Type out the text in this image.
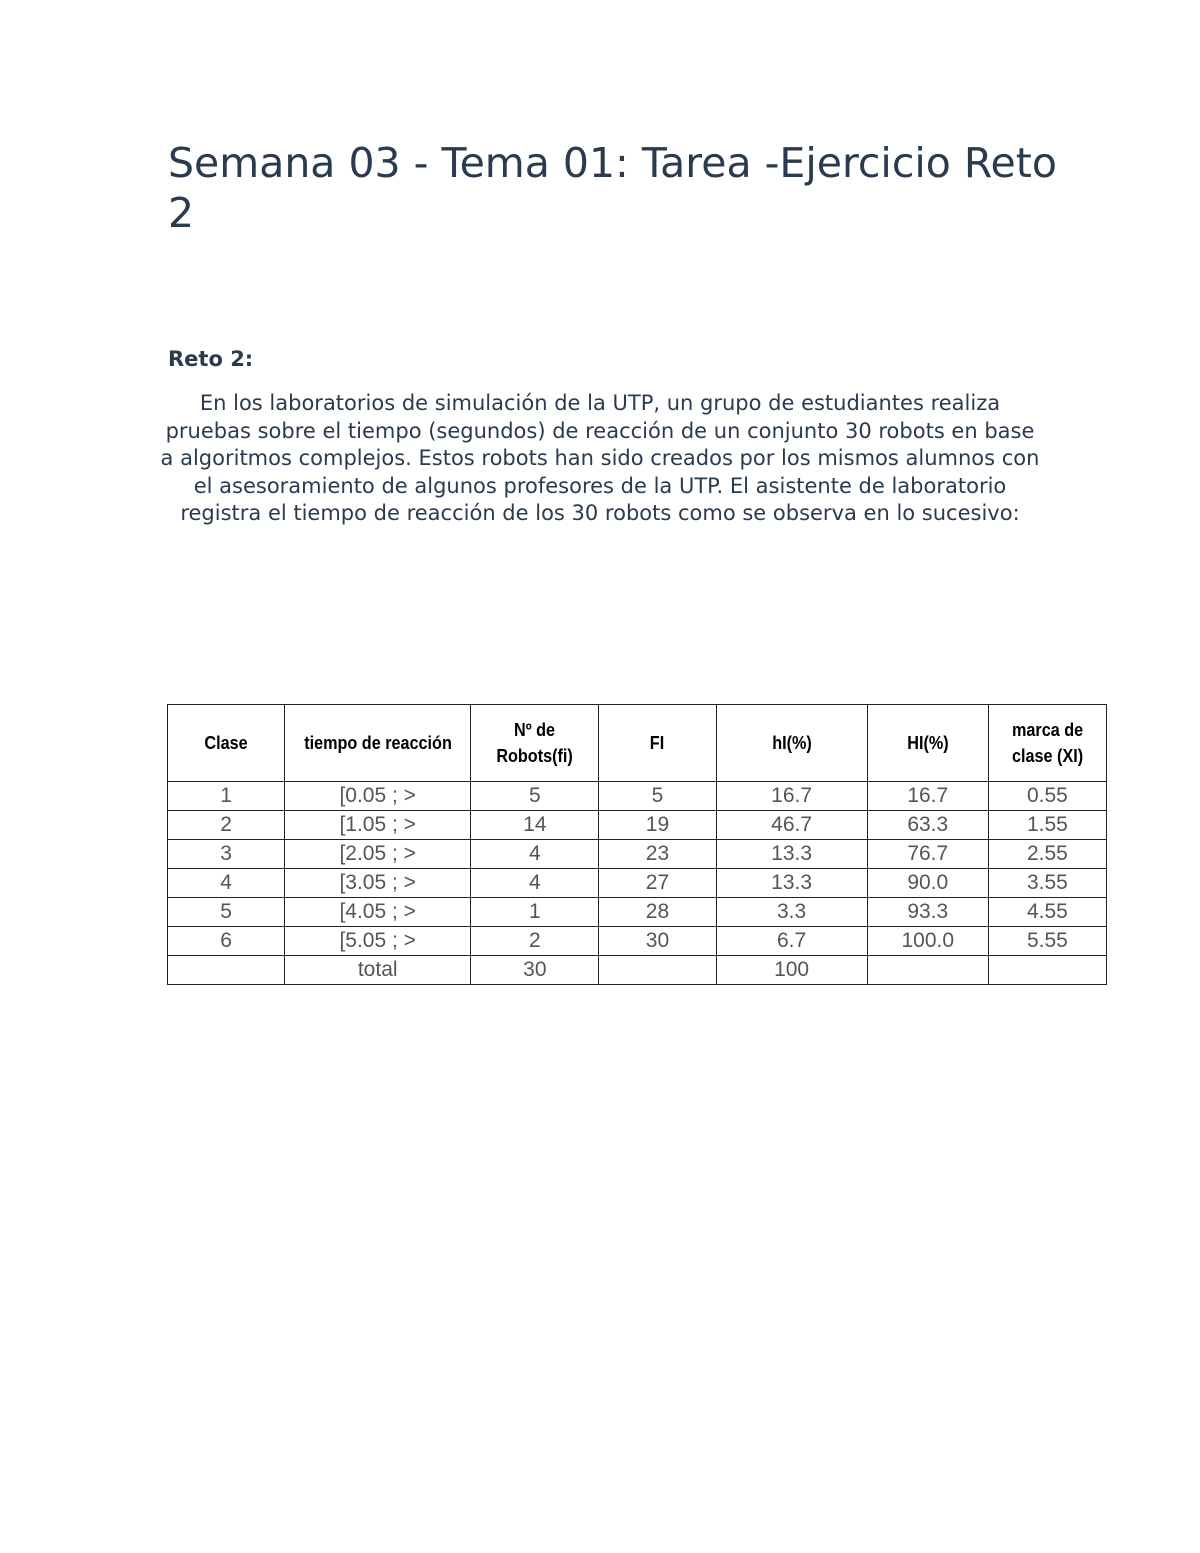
Semana 03 - Tema 01: Tarea -Ejercicio Reto 2
Reto 2:

En los laboratorios de simulación de la UTP, un grupo de estudiantes realiza pruebas sobre el tiempo (segundos) de reacción de un conjunto 30 robots en base a algoritmos complejos. Estos robots han sido creados por los mismos alumnos con el asesoramiento de algunos profesores de la UTP. El asistente de laboratorio registra el tiempo de reacción de los 30 robots como se observa en lo sucesivo:

Clase	tiempo de reacción	Nº de Robots(fi)	FI	hI(%)	HI(%)	marca de clase (XI)
1	[0.05 ; >	5	5	16.7	16.7	0.55
2	[1.05 ; >	14	19	46.7	63.3	1.55
3	[2.05 ; >	4	23	13.3	76.7	2.55
4	[3.05 ; >	4	27	13.3	90.0	3.55
5	[4.05 ; >	1	28	3.3	93.3	4.55
6	[5.05 ; >	2	30	6.7	100.0	5.55
	total	30		100		
